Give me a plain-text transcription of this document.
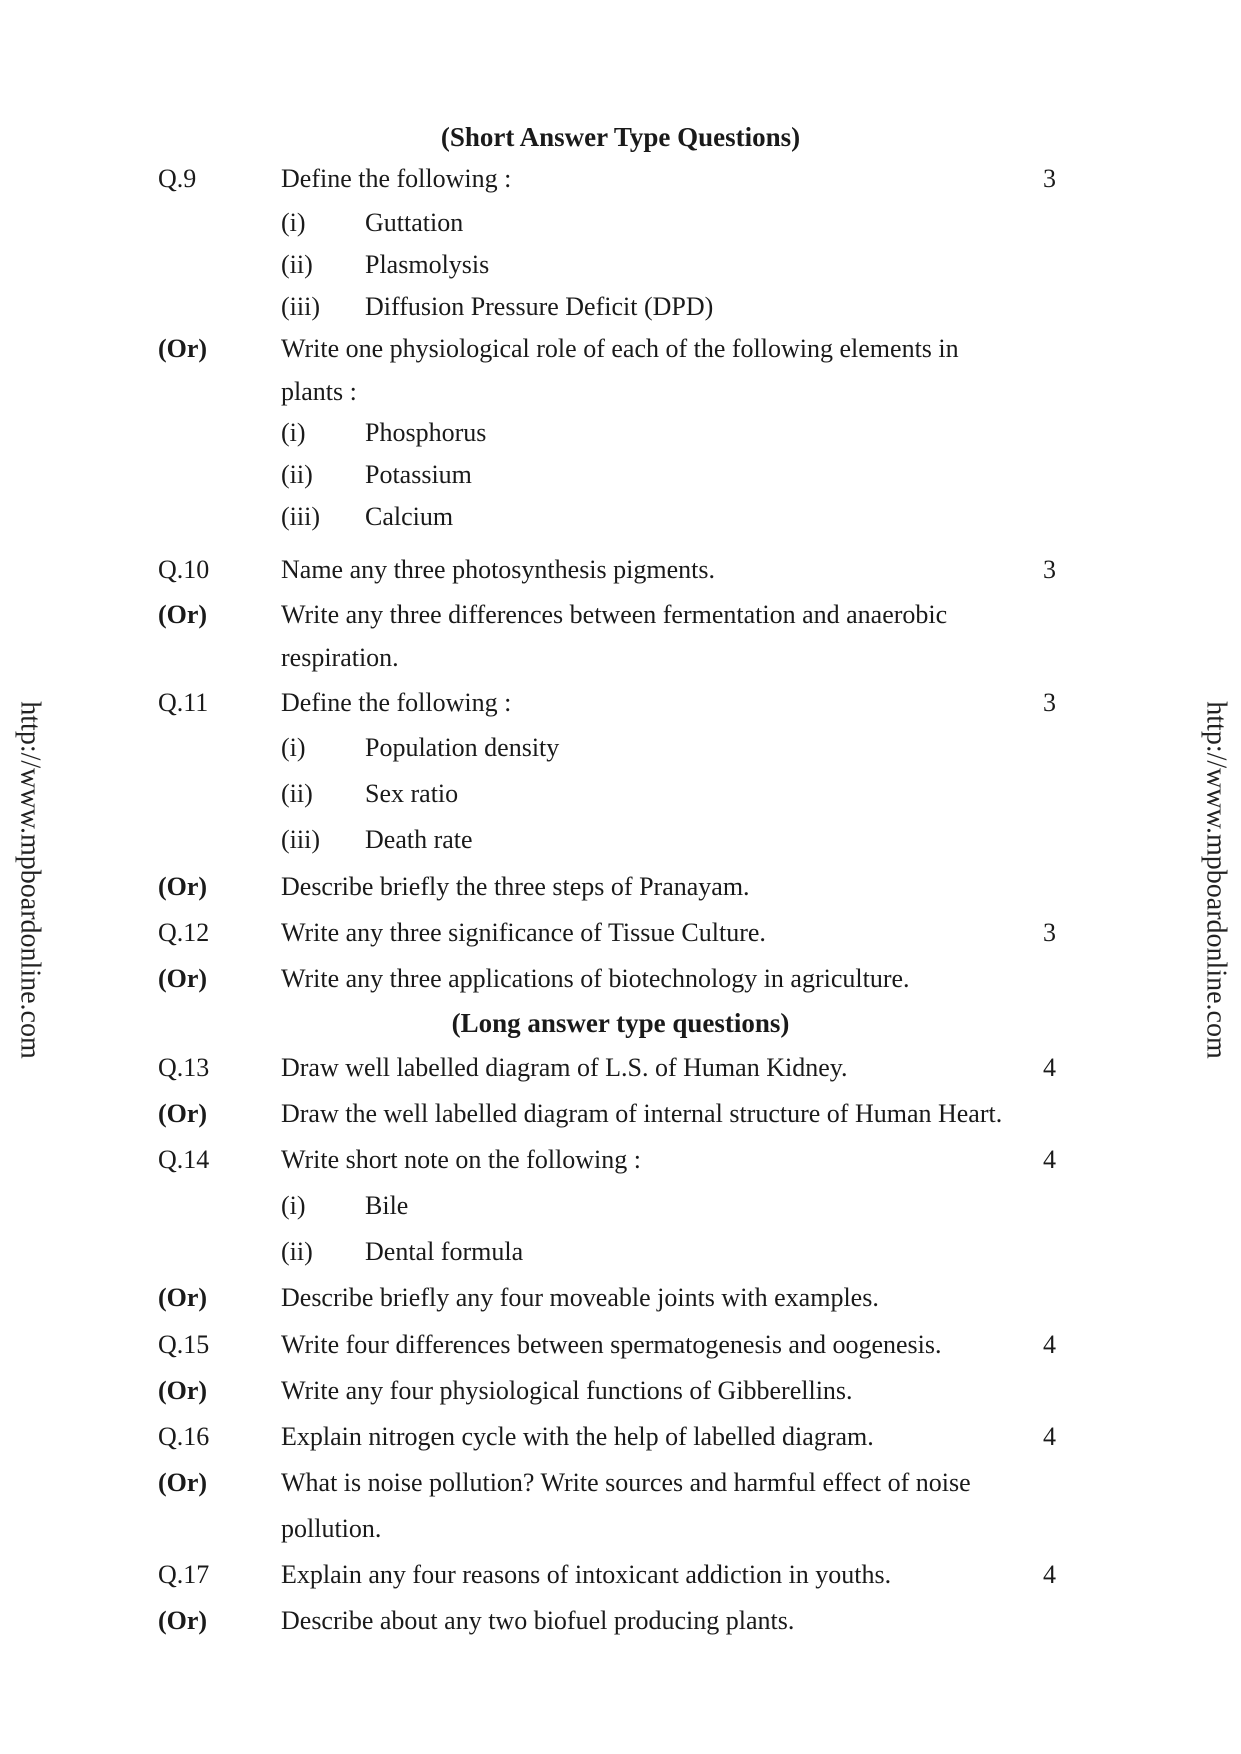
http://www.mpboardonline.com	http://www.mpboardonline.com
(Short Answer Type Questions)
Q.9	Define the following :	3
(i) Guttation
(ii) Plasmolysis
(iii) Diffusion Pressure Deficit (DPD)
(Or)	Write one physiological role of each of the following elements in
plants :
(i) Phosphorus
(ii) Potassium
(iii) Calcium
Q.10	Name any three photosynthesis pigments.	3
(Or)	Write any three differences between fermentation and anaerobic
respiration.
Q.11	Define the following :	3
(i) Population density
(ii) Sex ratio
(iii) Death rate
(Or)	Describe briefly the three steps of Pranayam.
Q.12	Write any three significance of Tissue Culture.	3
(Or)	Write any three applications of biotechnology in agriculture.
(Long answer type questions)
Q.13	Draw well labelled diagram of L.S. of Human Kidney.	4
(Or)	Draw the well labelled diagram of internal structure of Human Heart.
Q.14	Write short note on the following :	4
(i) Bile
(ii) Dental formula
(Or)	Describe briefly any four moveable joints with examples.
Q.15	Write four differences between spermatogenesis and oogenesis.	4
(Or)	Write any four physiological functions of Gibberellins.
Q.16	Explain nitrogen cycle with the help of labelled diagram.	4
(Or)	What is noise pollution? Write sources and harmful effect of noise
pollution.
Q.17	Explain any four reasons of intoxicant addiction in youths.	4
(Or)	Describe about any two biofuel producing plants.
